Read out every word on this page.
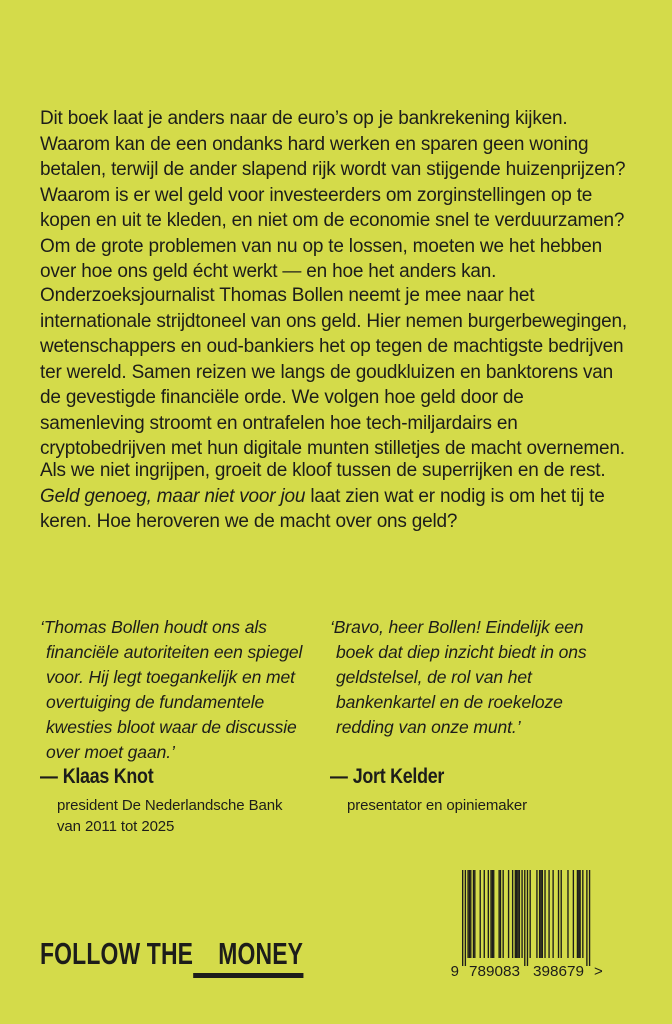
Dit boek laat je anders naar de euro’s op je bankrekening kijken. Waarom kan de een ondanks hard werken en sparen geen woning betalen, terwijl de ander slapend rijk wordt van stijgende huizenprijzen? Waarom is er wel geld voor investeerders om zorginstellingen op te kopen en uit te kleden, en niet om de economie snel te verduurzamen? Om de grote problemen van nu op te lossen, moeten we het hebben over hoe ons geld écht werkt — en hoe het anders kan.

Onderzoeksjournalist Thomas Bollen neemt je mee naar het internationale strijdtoneel van ons geld. Hier nemen burgerbewegingen, wetenschappers en oud-bankiers het op tegen de machtigste bedrijven ter wereld. Samen reizen we langs de goudkluizen en banktorens van de gevestigde financiële orde. We volgen hoe geld door de samenleving stroomt en ontrafelen hoe tech-miljardairs en cryptobedrijven met hun digitale munten stilletjes de macht overnemen.

Als we niet ingrijpen, groeit de kloof tussen de superrijken en de rest. Geld genoeg, maar niet voor jou laat zien wat er nodig is om het tij te keren. Hoe heroveren we de macht over ons geld?

‘Thomas Bollen houdt ons als financiële autoriteiten een spiegel voor. Hij legt toegankelijk en met overtuiging de fundamentele kwesties bloot waar de discussie over moet gaan.’

‘Bravo, heer Bollen! Eindelijk een boek dat diep inzicht biedt in ons geldstelsel, de rol van het bankenkartel en de roekeloze redding van onze munt.’

— Klaas Knot
president De Nederlandsche Bank van 2011 tot 2025
— Jort Kelder
presentator en opiniemaker
FOLLOW THE MONEY
9 789083 398679 >
